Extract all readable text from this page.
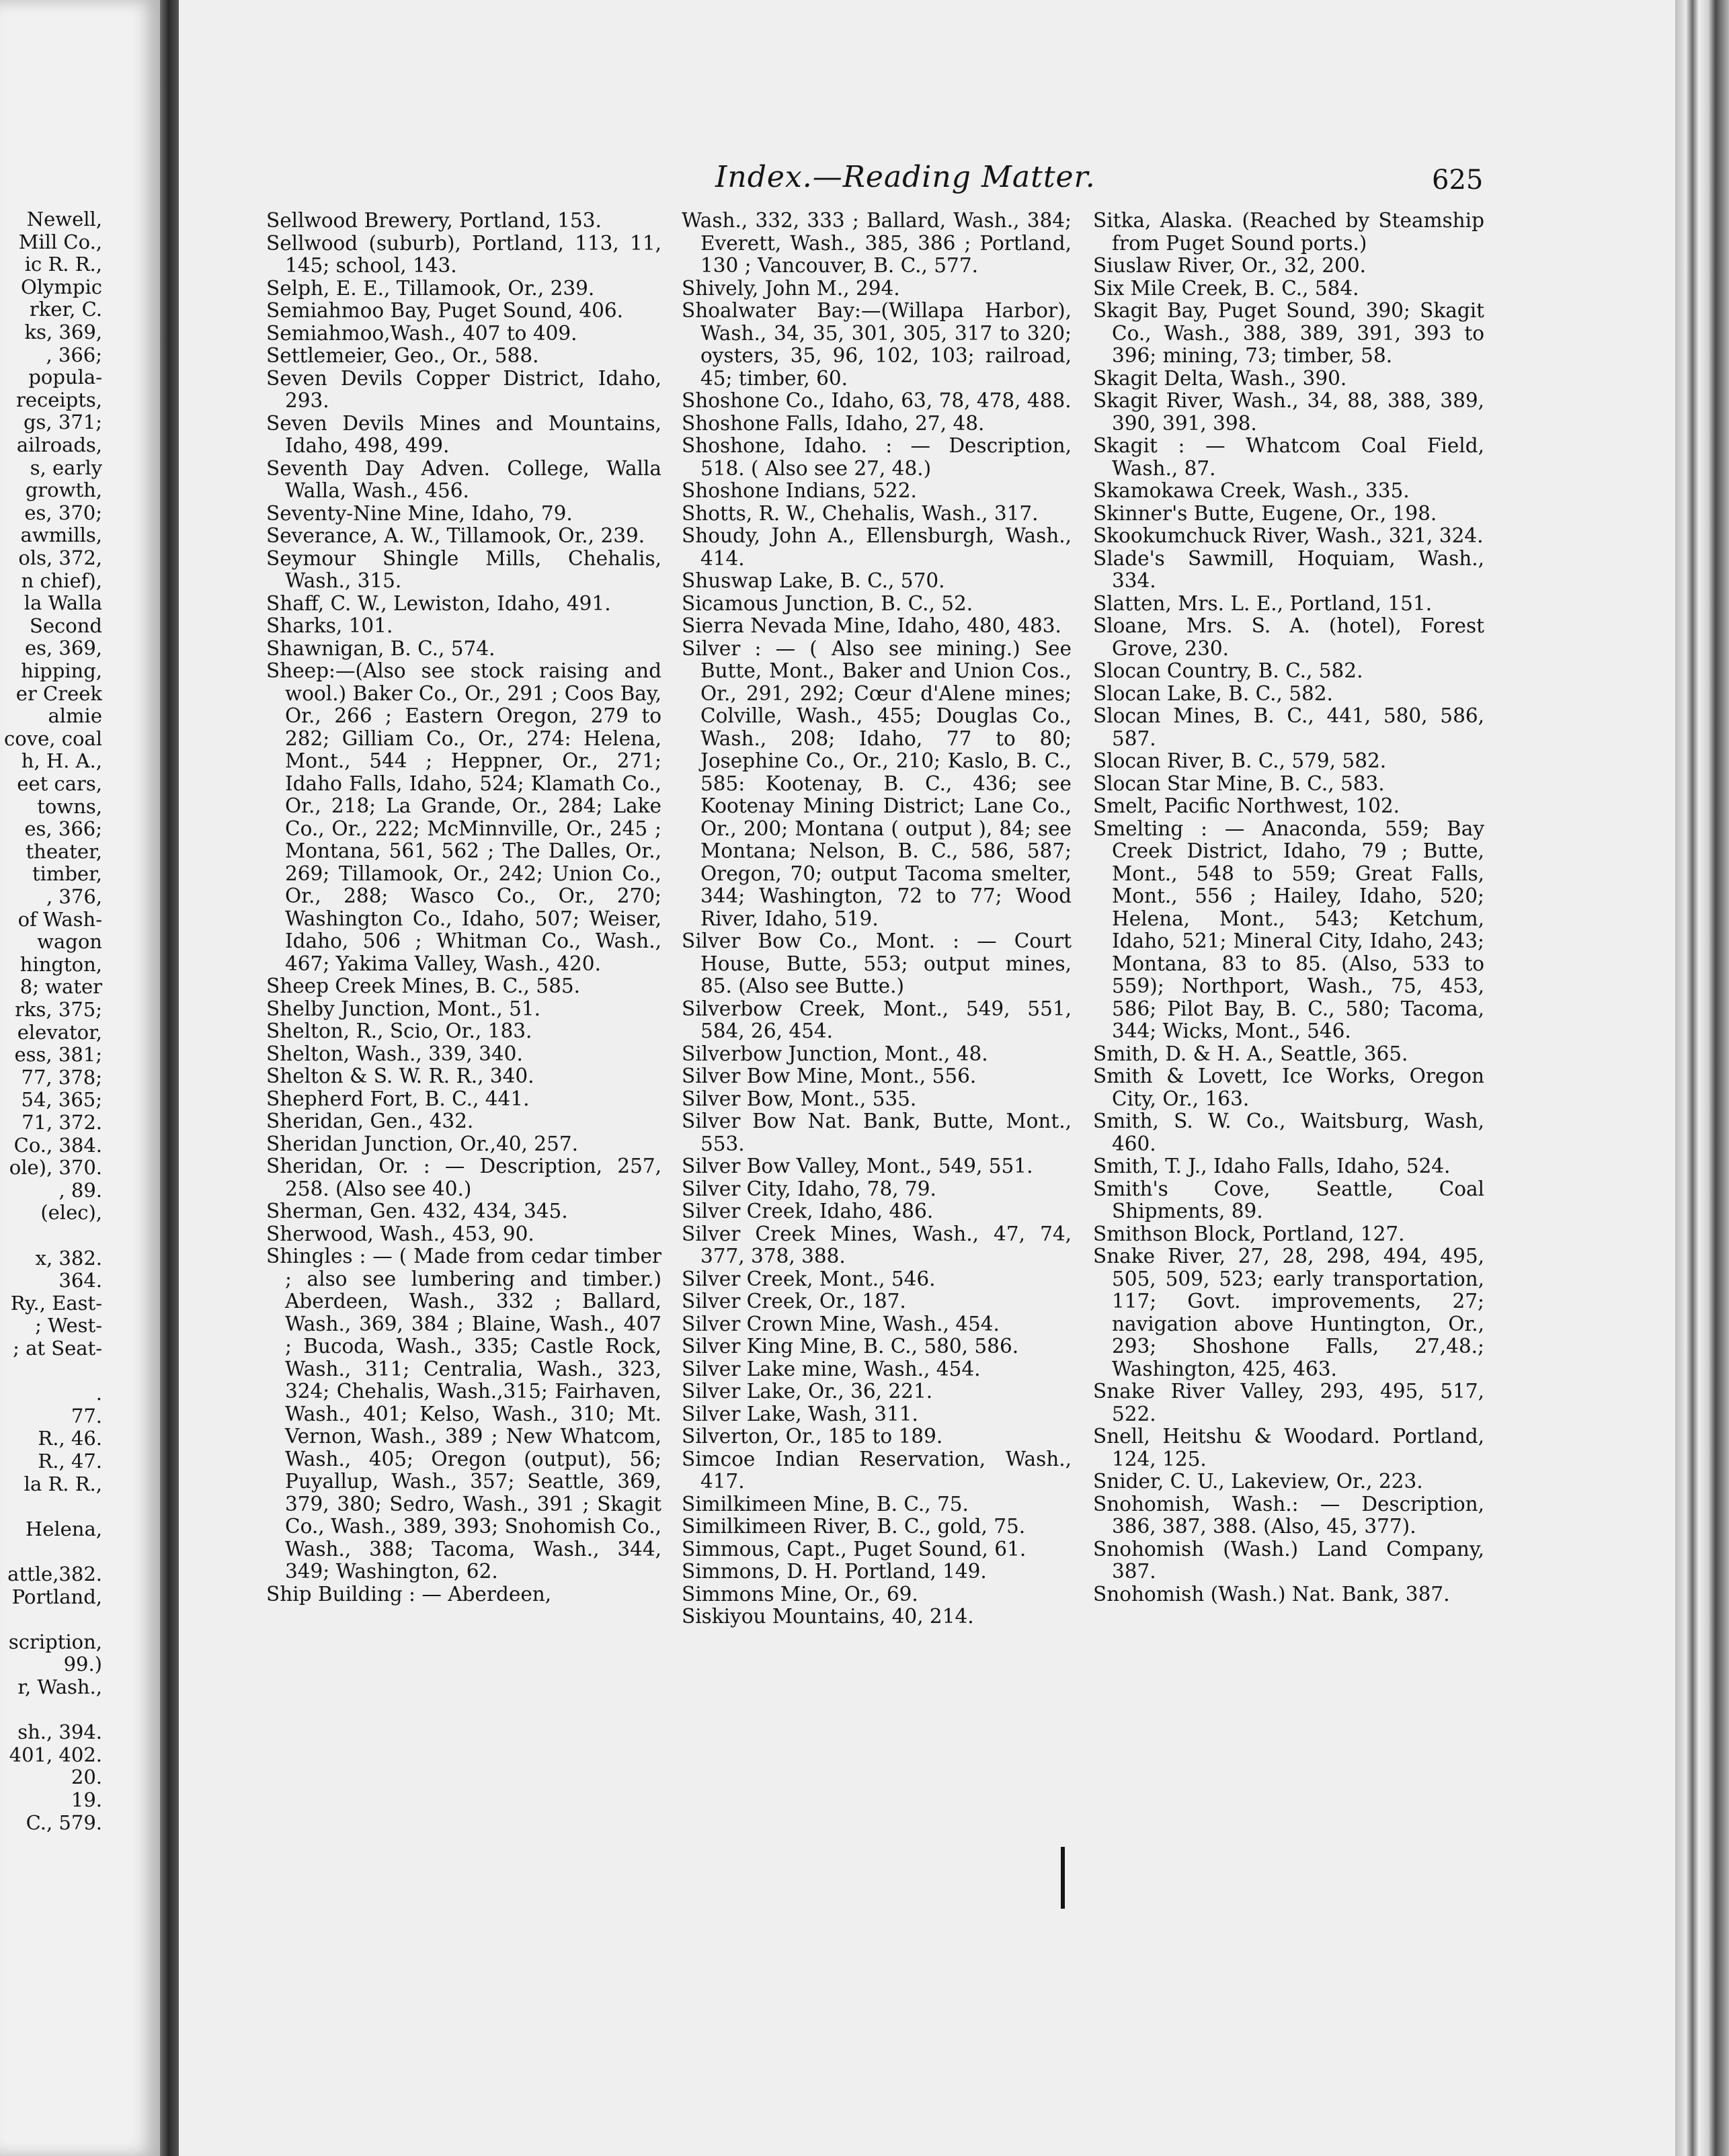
Newell,
Mill Co.,
ic R. R.,
Olympic
rker, C.
ks, 369,
, 366;
popula-
receipts,
gs, 371;
ailroads,
s, early
growth,
es, 370;
awmills,
ols, 372,
n chief),
la Walla
Second
es, 369,
hipping,
er Creek
almie
cove, coal
h, H. A.,
eet cars,
towns,
es, 366;
theater,
timber,
, 376,
of Wash-
wagon
hington,
8; water
rks, 375;
elevator,
ess, 381;
77, 378;
54, 365;
71, 372.
Co., 384.
ole), 370.
, 89.
(elec),
x, 382.
364.
Ry., East-
; West-
; at Seat-
.
77.
R., 46.
R., 47.
la R. R.,
Helena,
attle,382.
Portland,
scription,
99.)
r, Wash.,
sh., 394.
401, 402.
20.
19.
C., 579.
Index.—Reading Matter.	625
Sellwood Brewery, Portland, 153.
Sellwood (suburb), Portland, 113, 11, 145; school, 143.
Selph, E. E., Tillamook, Or., 239.
Semiahmoo Bay, Puget Sound, 406.
Semiahmoo,Wash., 407 to 409.
Settlemeier, Geo., Or., 588.
Seven Devils Copper District, Idaho, 293.
Seven Devils Mines and Mountains, Idaho, 498, 499.
Seventh Day Adven. College, Walla Walla, Wash., 456.
Seventy-Nine Mine, Idaho, 79.
Severance, A. W., Tillamook, Or., 239.
Seymour Shingle Mills, Chehalis, Wash., 315.
Shaff, C. W., Lewiston, Idaho, 491.
Sharks, 101.
Shawnigan, B. C., 574.
Sheep:—(Also see stock raising and wool.) Baker Co., Or., 291 ; Coos Bay, Or., 266 ; Eastern Oregon, 279 to 282; Gilliam Co., Or., 274: Helena, Mont., 544 ; Heppner, Or., 271; Idaho Falls, Idaho, 524; Klamath Co., Or., 218; La Grande, Or., 284; Lake Co., Or., 222; McMinnville, Or., 245 ; Montana, 561, 562 ; The Dalles, Or., 269; Tillamook, Or., 242; Union Co., Or., 288; Wasco Co., Or., 270; Washington Co., Idaho, 507; Weiser, Idaho, 506 ; Whitman Co., Wash., 467; Yakima Valley, Wash., 420.
Sheep Creek Mines, B. C., 585.
Shelby Junction, Mont., 51.
Shelton, R., Scio, Or., 183.
Shelton, Wash., 339, 340.
Shelton & S. W. R. R., 340.
Shepherd Fort, B. C., 441.
Sheridan, Gen., 432.
Sheridan Junction, Or.,40, 257.
Sheridan, Or. : — Description, 257, 258. (Also see 40.)
Sherman, Gen. 432, 434, 345.
Sherwood, Wash., 453, 90.
Shingles : — ( Made from cedar timber ; also see lumbering and timber.) Aberdeen, Wash., 332 ; Ballard, Wash., 369, 384 ; Blaine, Wash., 407 ; Bucoda, Wash., 335; Castle Rock, Wash., 311; Centralia, Wash., 323, 324; Chehalis, Wash.,315; Fairhaven, Wash., 401; Kelso, Wash., 310; Mt. Vernon, Wash., 389 ; New Whatcom, Wash., 405; Oregon (output), 56; Puyallup, Wash., 357; Seattle, 369, 379, 380; Sedro, Wash., 391 ; Skagit Co., Wash., 389, 393; Snohomish Co., Wash., 388; Tacoma, Wash., 344, 349; Washington, 62.
Ship Building : — Aberdeen,
Wash., 332, 333 ; Ballard, Wash., 384; Everett, Wash., 385, 386 ; Portland, 130 ; Vancouver, B. C., 577.
Shively, John M., 294.
Shoalwater Bay:—(Willapa Harbor), Wash., 34, 35, 301, 305, 317 to 320; oysters, 35, 96, 102, 103; railroad, 45; timber, 60.
Shoshone Co., Idaho, 63, 78, 478, 488.
Shoshone Falls, Idaho, 27, 48.
Shoshone, Idaho. : — Description, 518. ( Also see 27, 48.)
Shoshone Indians, 522.
Shotts, R. W., Chehalis, Wash., 317.
Shoudy, John A., Ellensburgh, Wash., 414.
Shuswap Lake, B. C., 570.
Sicamous Junction, B. C., 52.
Sierra Nevada Mine, Idaho, 480, 483.
Silver : — ( Also see mining.) See Butte, Mont., Baker and Union Cos., Or., 291, 292; Cœur d'Alene mines; Colville, Wash., 455; Douglas Co., Wash., 208; Idaho, 77 to 80; Josephine Co., Or., 210; Kaslo, B. C., 585: Kootenay, B. C., 436; see Kootenay Mining District; Lane Co., Or., 200; Montana ( output ), 84; see Montana; Nelson, B. C., 586, 587; Oregon, 70; output Tacoma smelter, 344; Washington, 72 to 77; Wood River, Idaho, 519.
Silver Bow Co., Mont. : — Court House, Butte, 553; output mines, 85. (Also see Butte.)
Silverbow Creek, Mont., 549, 551, 584, 26, 454.
Silverbow Junction, Mont., 48.
Silver Bow Mine, Mont., 556.
Silver Bow, Mont., 535.
Silver Bow Nat. Bank, Butte, Mont., 553.
Silver Bow Valley, Mont., 549, 551.
Silver City, Idaho, 78, 79.
Silver Creek, Idaho, 486.
Silver Creek Mines, Wash., 47, 74, 377, 378, 388.
Silver Creek, Mont., 546.
Silver Creek, Or., 187.
Silver Crown Mine, Wash., 454.
Silver King Mine, B. C., 580, 586.
Silver Lake mine, Wash., 454.
Silver Lake, Or., 36, 221.
Silver Lake, Wash, 311.
Silverton, Or., 185 to 189.
Simcoe Indian Reservation, Wash., 417.
Similkimeen Mine, B. C., 75.
Similkimeen River, B. C., gold, 75.
Simmous, Capt., Puget Sound, 61.
Simmons, D. H. Portland, 149.
Simmons Mine, Or., 69.
Siskiyou Mountains, 40, 214.
Sitka, Alaska. (Reached by Steamship from Puget Sound ports.)
Siuslaw River, Or., 32, 200.
Six Mile Creek, B. C., 584.
Skagit Bay, Puget Sound, 390; Skagit Co., Wash., 388, 389, 391, 393 to 396; mining, 73; timber, 58.
Skagit Delta, Wash., 390.
Skagit River, Wash., 34, 88, 388, 389, 390, 391, 398.
Skagit : — Whatcom Coal Field, Wash., 87.
Skamokawa Creek, Wash., 335.
Skinner's Butte, Eugene, Or., 198.
Skookumchuck River, Wash., 321, 324.
Slade's Sawmill, Hoquiam, Wash., 334.
Slatten, Mrs. L. E., Portland, 151.
Sloane, Mrs. S. A. (hotel), Forest Grove, 230.
Slocan Country, B. C., 582.
Slocan Lake, B. C., 582.
Slocan Mines, B. C., 441, 580, 586, 587.
Slocan River, B. C., 579, 582.
Slocan Star Mine, B. C., 583.
Smelt, Pacific Northwest, 102.
Smelting : — Anaconda, 559; Bay Creek District, Idaho, 79 ; Butte, Mont., 548 to 559; Great Falls, Mont., 556 ; Hailey, Idaho, 520; Helena, Mont., 543; Ketchum, Idaho, 521; Mineral City, Idaho, 243; Montana, 83 to 85. (Also, 533 to 559); Northport, Wash., 75, 453, 586; Pilot Bay, B. C., 580; Tacoma, 344; Wicks, Mont., 546.
Smith, D. & H. A., Seattle, 365.
Smith & Lovett, Ice Works, Oregon City, Or., 163.
Smith, S. W. Co., Waitsburg, Wash, 460.
Smith, T. J., Idaho Falls, Idaho, 524.
Smith's Cove, Seattle, Coal Shipments, 89.
Smithson Block, Portland, 127.
Snake River, 27, 28, 298, 494, 495, 505, 509, 523; early transportation, 117; Govt. improvements, 27; navigation above Huntington, Or., 293; Shoshone Falls, 27,48.; Washington, 425, 463.
Snake River Valley, 293, 495, 517, 522.
Snell, Heitshu & Woodard. Portland, 124, 125.
Snider, C. U., Lakeview, Or., 223.
Snohomish, Wash.: — Description, 386, 387, 388. (Also, 45, 377).
Snohomish (Wash.) Land Company, 387.
Snohomish (Wash.) Nat. Bank, 387.
